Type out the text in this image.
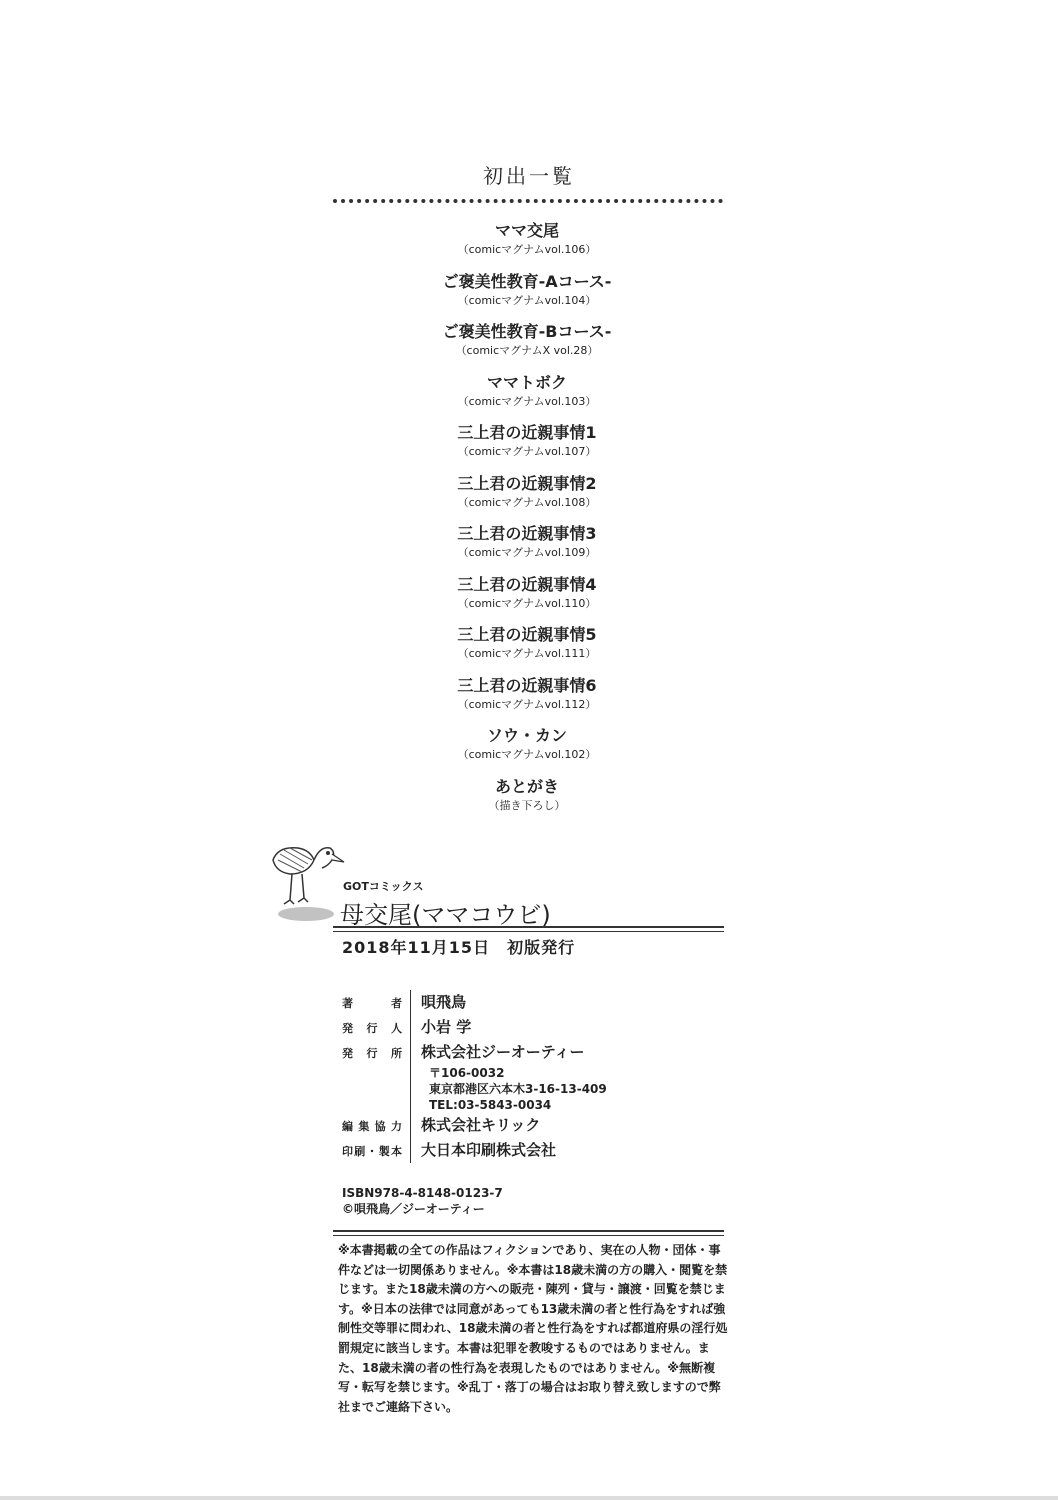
初出一覧
ママ交尾
（comicマグナムvol.106）
ご褒美性教育-Aコース-
（comicマグナムvol.104）
ご褒美性教育-Bコース-
（comicマグナムX vol.28）
ママトボク
（comicマグナムvol.103）
三上君の近親事情1
（comicマグナムvol.107）
三上君の近親事情2
（comicマグナムvol.108）
三上君の近親事情3
（comicマグナムvol.109）
三上君の近親事情4
（comicマグナムvol.110）
三上君の近親事情5
（comicマグナムvol.111）
三上君の近親事情6
（comicマグナムvol.112）
ソウ・カン
（comicマグナムvol.102）
あとがき
（描き下ろし）
GOTコミックス
母交尾(ママコウビ)
2018年11月15日　初版発行
著者	唄飛鳥
発行人	小岩 学
発行所	株式会社ジーオーティー
〒106-0032
東京都港区六本木3-16-13-409
TEL:03-5843-0034
編集協力	株式会社キリック
印刷・製本	大日本印刷株式会社
ISBN978-4-8148-0123-7
©唄飛鳥／ジーオーティー
※本書掲載の全ての作品はフィクションであり、実在の人物・団体・事件などは一切関係ありません。※本書は18歳未満の方の購入・閲覧を禁じます。また18歳未満の方への販売・陳列・貸与・譲渡・回覧を禁じます。※日本の法律では同意があっても13歳未満の者と性行為をすれば強制性交等罪に問われ、18歳未満の者と性行為をすれば都道府県の淫行処罰規定に該当します。本書は犯罪を教唆するものではありません。また、18歳未満の者の性行為を表現したものではありません。※無断複写・転写を禁じます。※乱丁・落丁の場合はお取り替え致しますので弊社までご連絡下さい。
